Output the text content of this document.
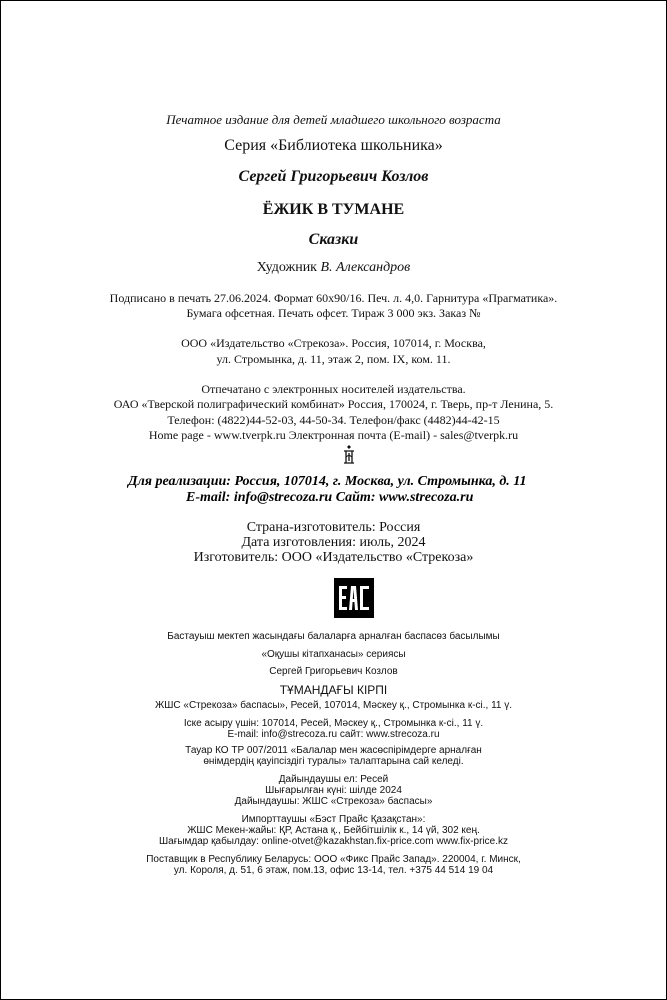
Печатное издание для детей младшего школьного возраста
Серия «Библиотека школьника»
Сергей Григорьевич Козлов
ЁЖИК В ТУМАНЕ
Сказки
Художник В. Александров
Подписано в печать 27.06.2024. Формат 60х90/16. Печ. л. 4,0. Гарнитура «Прагматика».
Бумага офсетная. Печать офсет. Тираж 3 000 экз. Заказ №
ООО «Издательство «Стрекоза». Россия, 107014, г. Москва,
ул. Стромынка, д. 11, этаж 2, пом. IX, ком. 11.
Отпечатано с электронных носителей издательства.
ОАО «Тверской полиграфический комбинат» Россия, 170024, г. Тверь, пр-т Ленина, 5.
Телефон: (4822)44-52-03, 44-50-34. Телефон/факс (4482)44-42-15
Home page - www.tverpk.ru Электронная почта (E-mail) - sales@tverpk.ru
Для реализации: Россия, 107014, г. Москва, ул. Стромынка, д. 11
E-mail: info@strecoza.ru Сайт: www.strecoza.ru
Страна-изготовитель: Россия
Дата изготовления: июль, 2024
Изготовитель: ООО «Издательство «Стрекоза»
Бастауыш мектеп жасындағы балаларға арналған баспасөз басылымы
«Оқушы кітапханасы» сериясы
Сергей Григорьевич Козлов
ТҰМАНДАҒЫ КІРПІ
ЖШС «Стрекоза» баспасы», Ресей, 107014, Мәскеу қ., Стромынка к-сі., 11 ү.
Іске асыру үшін: 107014, Ресей, Мәскеу қ., Стромынка к-сі., 11 ү.
E-mail: info@strecoza.ru сайт: www.strecoza.ru
Тауар КО ТР 007/2011 «Балалар мен жасөспірімдерге арналған
өнімдердің қауіпсіздігі туралы» талаптарына сай келеді.
Дайындаушы ел: Ресей
Шығарылған күні: шілде 2024
Дайындаушы: ЖШС «Стрекоза» баспасы»
Импорттаушы «Бэст Прайс Қазақстан»:
ЖШС Мекен-жайы: ҚР, Астана қ., Бейбітшілік к., 14 үй, 302 кең.
Шағымдар қабылдау: online-otvet@kazakhstan.fix-price.com www.fix-price.kz
Поставщик в Республику Беларусь: ООО «Фикс Прайс Запад». 220004, г. Минск,
ул. Короля, д. 51, 6 этаж, пом.13, офис 13-14, тел. +375 44 514 19 04
